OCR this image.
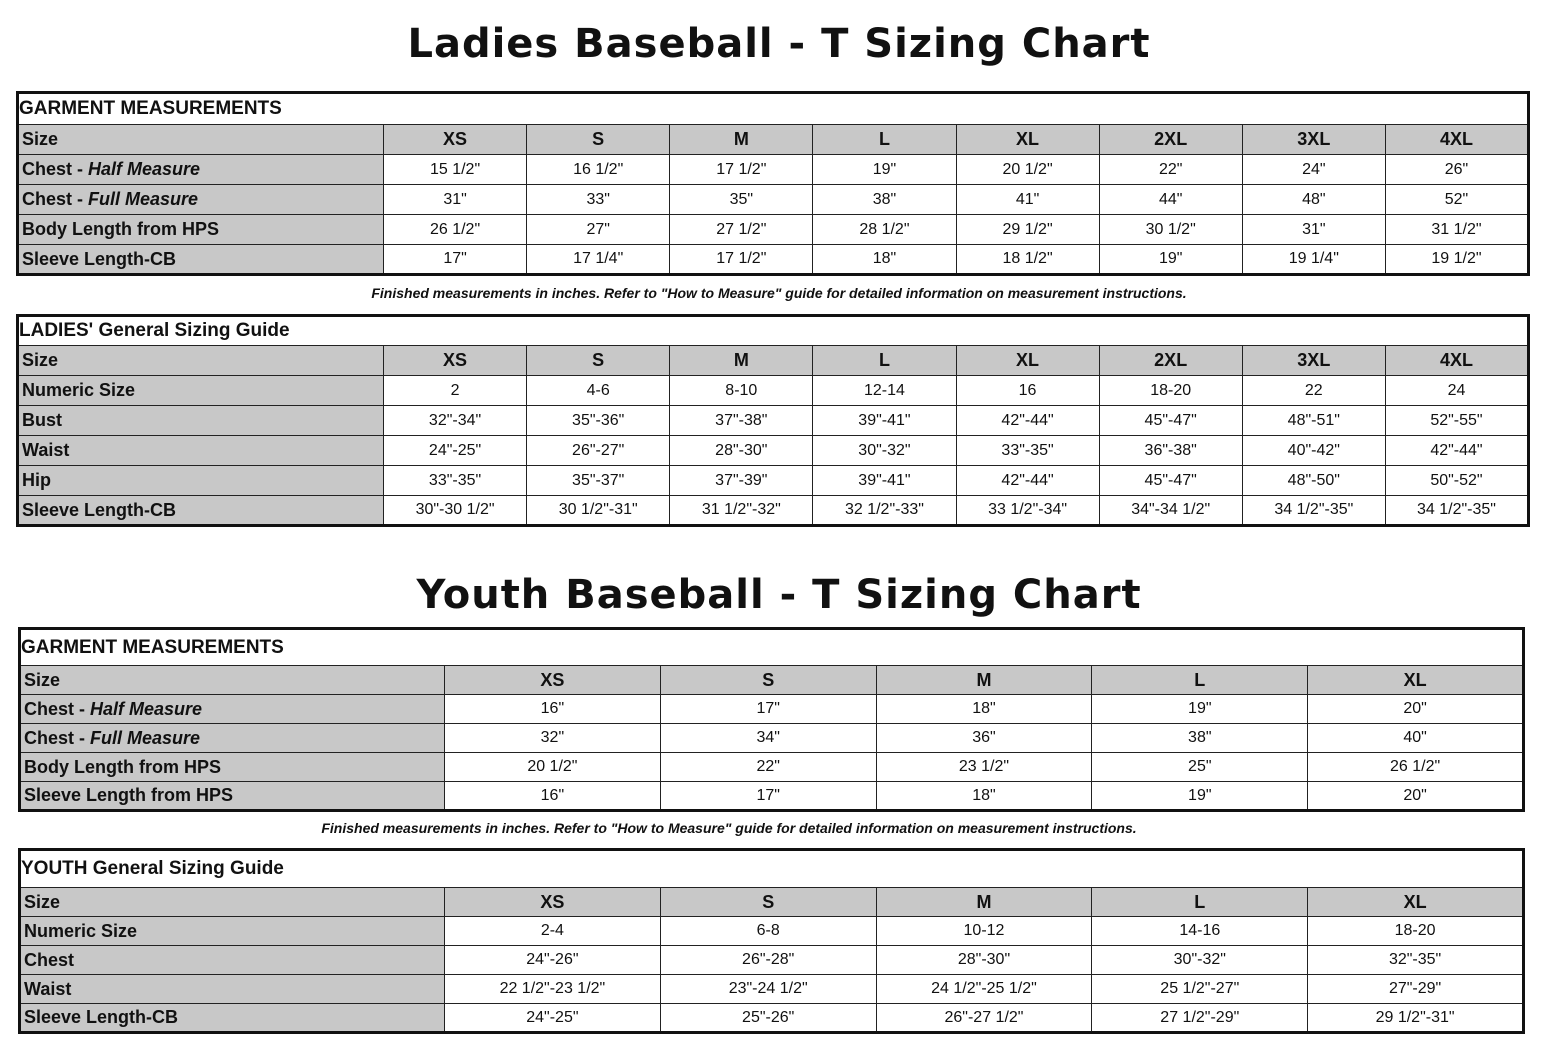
Ladies Baseball - T Sizing Chart
GARMENT MEASUREMENTS								
Size	XS	S	M	L	XL	2XL	3XL	4XL
Chest - Half Measure	15 1/2"	16 1/2"	17 1/2"	19"	20 1/2"	22"	24"	26"
Chest - Full Measure	31"	33"	35"	38"	41"	44"	48"	52"
Body Length from HPS	26 1/2"	27"	27 1/2"	28 1/2"	29 1/2"	30 1/2"	31"	31 1/2"
Sleeve Length-CB	17"	17 1/4"	17 1/2"	18"	18 1/2"	19"	19 1/4"	19 1/2"
Finished measurements in inches. Refer to "How to Measure" guide for detailed information on measurement instructions.
LADIES' General Sizing Guide								
Size	XS	S	M	L	XL	2XL	3XL	4XL
Numeric Size	2	4-6	8-10	12-14	16	18-20	22	24
Bust	32"-34"	35"-36"	37"-38"	39"-41"	42"-44"	45"-47"	48"-51"	52"-55"
Waist	24"-25"	26"-27"	28"-30"	30"-32"	33"-35"	36"-38"	40"-42"	42"-44"
Hip	33"-35"	35"-37"	37"-39"	39"-41"	42"-44"	45"-47"	48"-50"	50"-52"
Sleeve Length-CB	30"-30 1/2"	30 1/2"-31"	31 1/2"-32"	32 1/2"-33"	33 1/2"-34"	34"-34 1/2"	34 1/2"-35"	34 1/2"-35"
Youth Baseball - T Sizing Chart
GARMENT MEASUREMENTS					
Size	XS	S	M	L	XL
Chest - Half Measure	16"	17"	18"	19"	20"
Chest - Full Measure	32"	34"	36"	38"	40"
Body Length from HPS	20 1/2"	22"	23 1/2"	25"	26 1/2"
Sleeve Length from HPS	16"	17"	18"	19"	20"
Finished measurements in inches. Refer to "How to Measure" guide for detailed information on measurement instructions.
YOUTH General Sizing Guide					
Size	XS	S	M	L	XL
Numeric Size	2-4	6-8	10-12	14-16	18-20
Chest	24"-26"	26"-28"	28"-30"	30"-32"	32"-35"
Waist	22 1/2"-23 1/2"	23"-24 1/2"	24 1/2"-25 1/2"	25 1/2"-27"	27"-29"
Sleeve Length-CB	24"-25"	25"-26"	26"-27 1/2"	27 1/2"-29"	29 1/2"-31"
